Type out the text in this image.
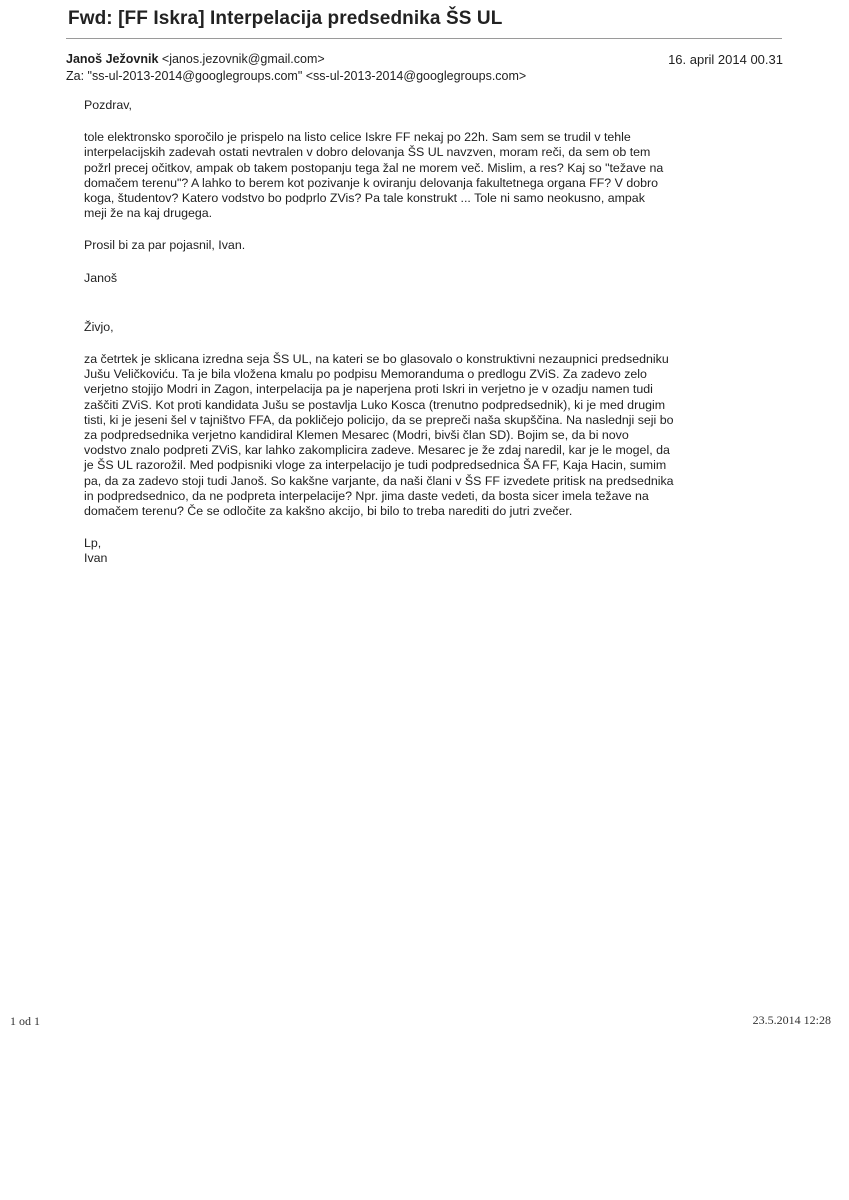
Fwd: [FF Iskra] Interpelacija predsednika ŠS UL
Janoš Ježovnik <janos.jezovnik@gmail.com>	16. april 2014 00.31
Za: "ss-ul-2013-2014@googlegroups.com" <ss-ul-2013-2014@googlegroups.com>

Pozdrav,

tole elektronsko sporočilo je prispelo na listo celice Iskre FF nekaj po 22h. Sam sem se trudil v tehle
interpelacijskih zadevah ostati nevtralen v dobro delovanja ŠS UL navzven, moram reči, da sem ob tem
požrl precej očitkov, ampak ob takem postopanju tega žal ne morem več. Mislim, a res? Kaj so "težave na
domačem terenu"? A lahko to berem kot pozivanje k oviranju delovanja fakultetnega organa FF? V dobro
koga, študentov? Katero vodstvo bo podprlo ZVis? Pa tale konstrukt ... Tole ni samo neokusno, ampak
meji že na kaj drugega.

Prosil bi za par pojasnil, Ivan.

Janoš

Živjo,

za četrtek je sklicana izredna seja ŠS UL, na kateri se bo glasovalo o konstruktivni nezaupnici predsedniku
Jušu Veličkoviću. Ta je bila vložena kmalu po podpisu Memoranduma o predlogu ZViS. Za zadevo zelo
verjetno stojijo Modri in Zagon, interpelacija pa je naperjena proti Iskri in verjetno je v ozadju namen tudi
zaščiti ZViS. Kot proti kandidata Jušu se postavlja Luko Kosca (trenutno podpredsednik), ki je med drugim
tisti, ki je jeseni šel v tajništvo FFA, da pokličejo policijo, da se prepreči naša skupščina. Na naslednji seji bo
za podpredsednika verjetno kandidiral Klemen Mesarec (Modri, bivši član SD). Bojim se, da bi novo
vodstvo znalo podpreti ZViS, kar lahko zakomplicira zadeve. Mesarec je že zdaj naredil, kar je le mogel, da
je ŠS UL razorožil. Med podpisniki vloge za interpelacijo je tudi podpredsednica ŠA FF, Kaja Hacin, sumim
pa, da za zadevo stoji tudi Janoš. So kakšne varjante, da naši člani v ŠS FF izvedete pritisk na predsednika
in podpredsednico, da ne podpreta interpelacije? Npr. jima daste vedeti, da bosta sicer imela težave na
domačem terenu? Če se odločite za kakšno akcijo, bi bilo to treba narediti do jutri zvečer.

Lp,

Ivan

1 od 1	23.5.2014 12:28
